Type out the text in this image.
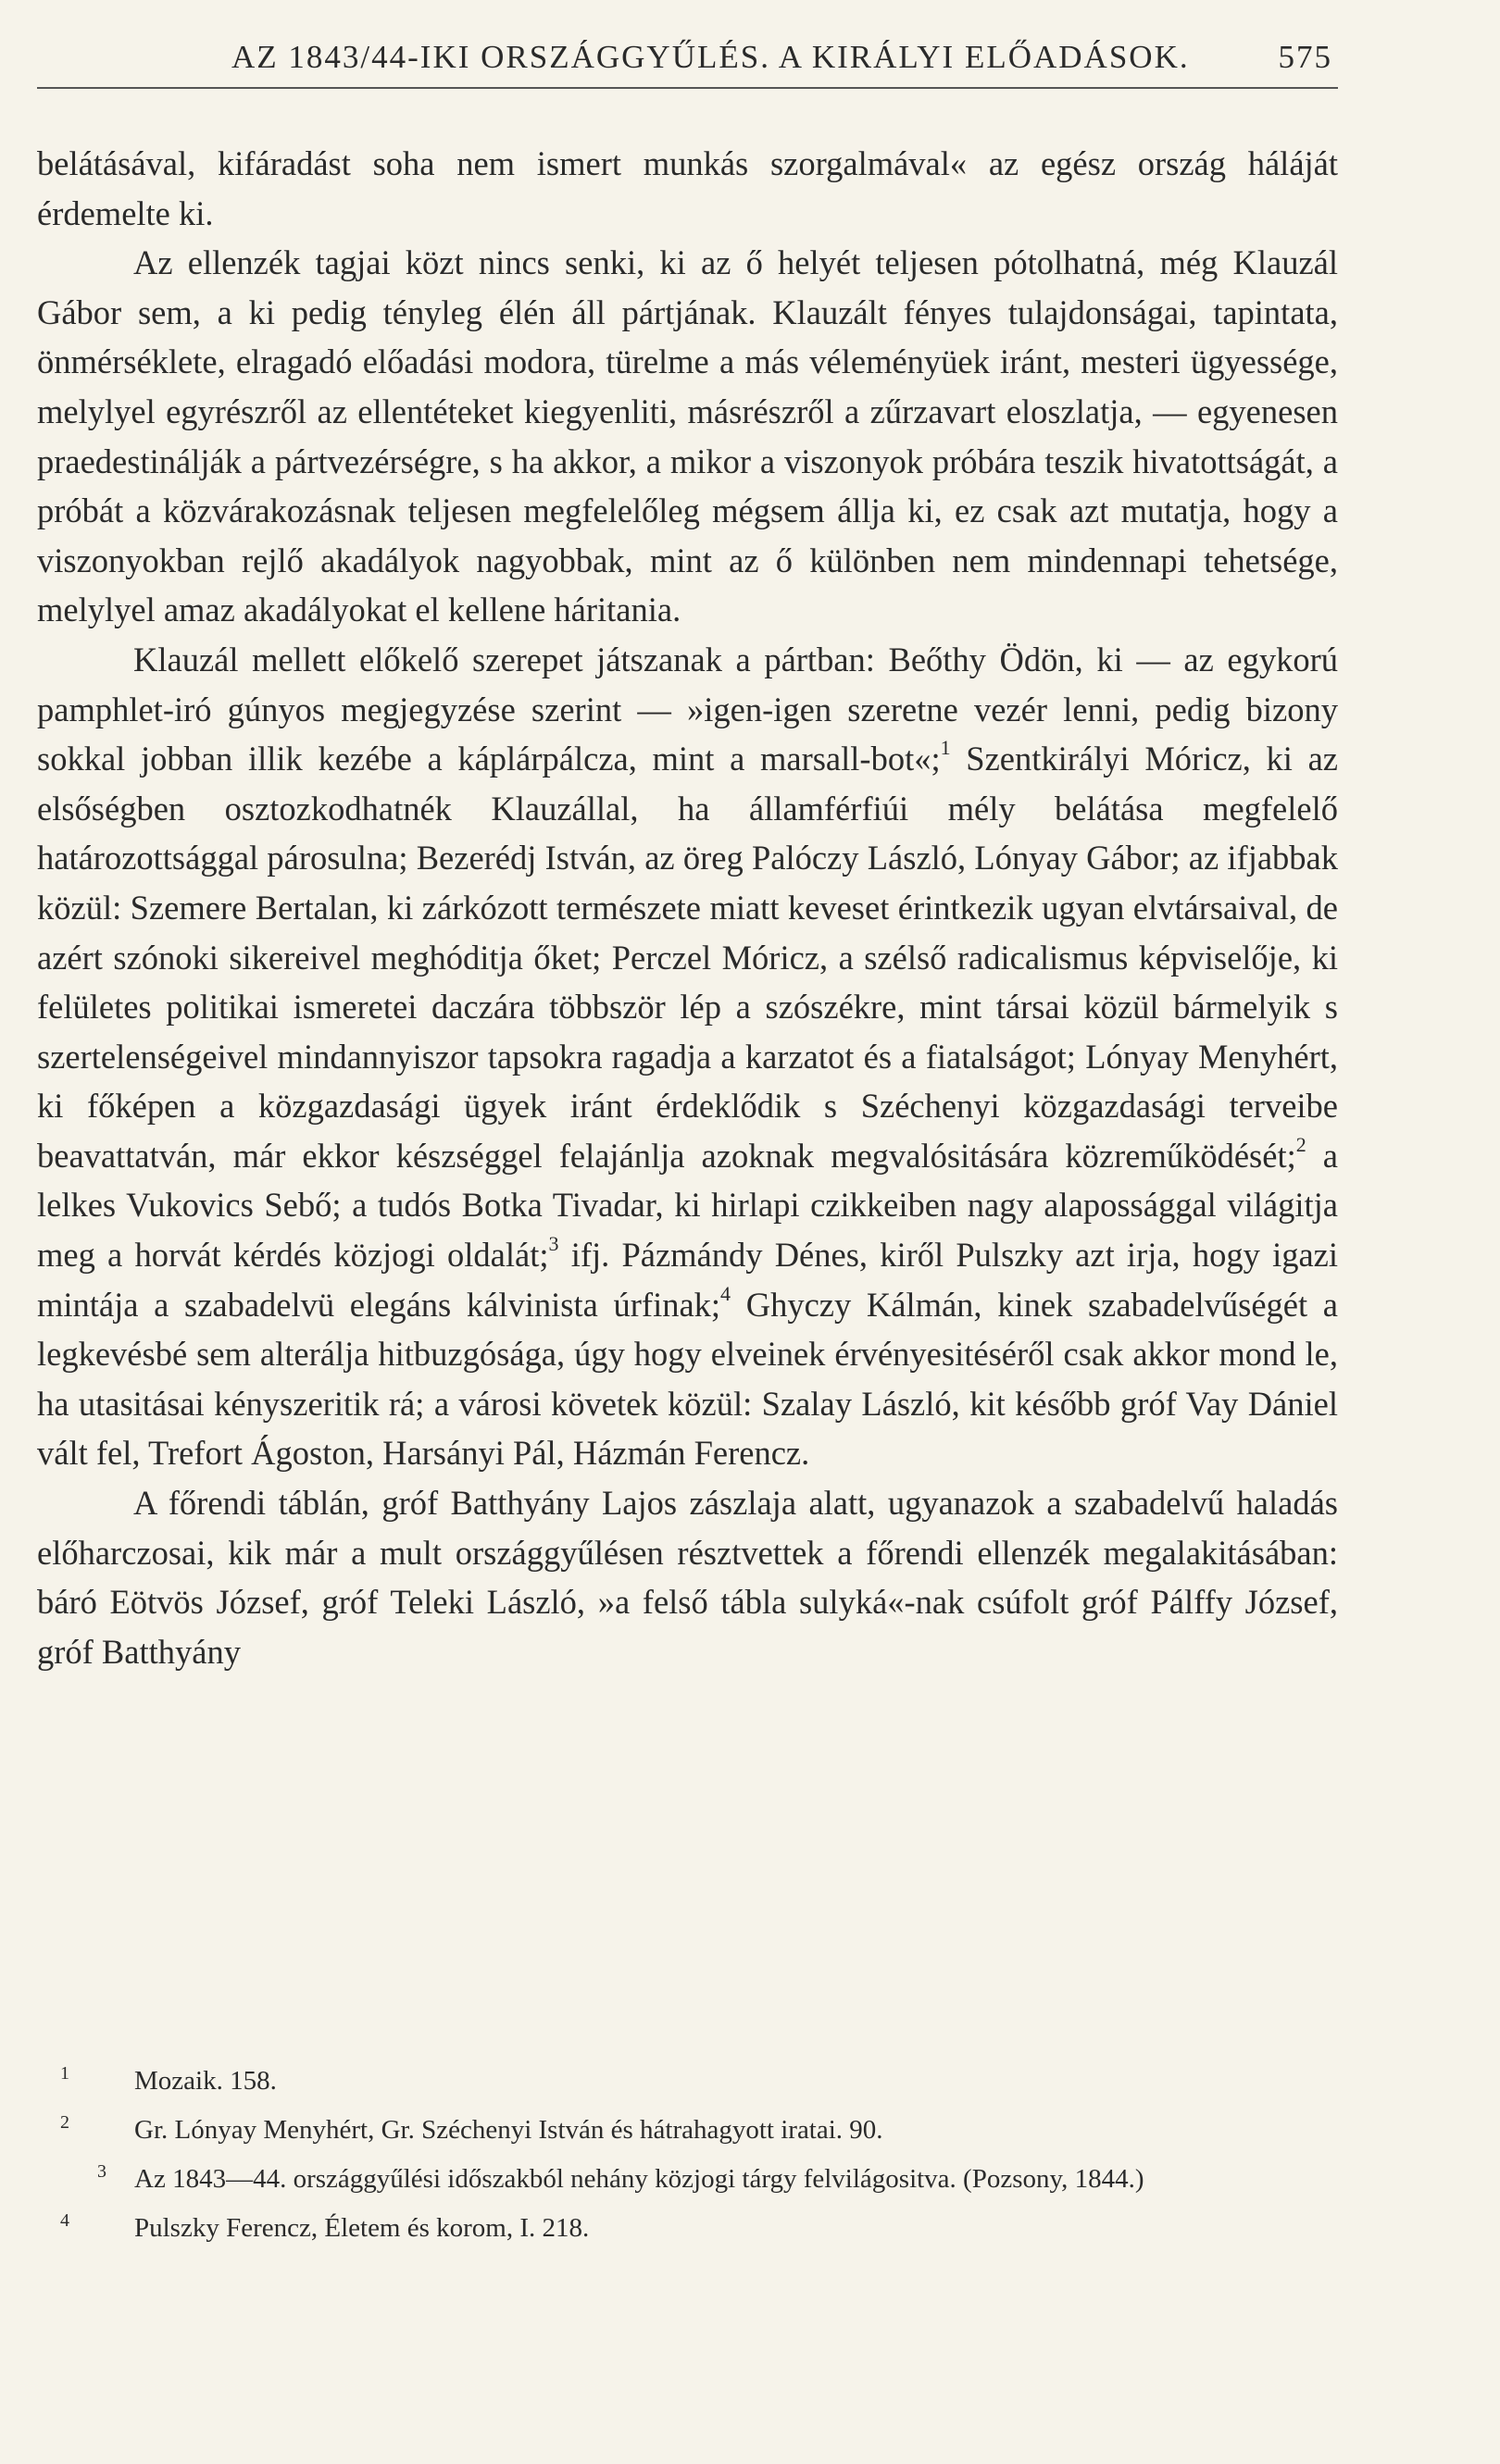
AZ 1843/44-IKI ORSZÁGGYŰLÉS. A KIRÁLYI ELŐADÁSOK.	575

belátásával, kifáradást soha nem ismert munkás szorgalmával« az egész ország háláját érdemelte ki.

Az ellenzék tagjai közt nincs senki, ki az ő helyét teljesen pótolhatná, még Klauzál Gábor sem, a ki pedig tényleg élén áll pártjának. Klauzált fényes tulajdonságai, tapintata, önmérséklete, elragadó előadási modora, türelme a más véleményüek iránt, mesteri ügyessége, melylyel egyrészről az ellentéteket kiegyenliti, másrészről a zűrzavart eloszlatja, — egyenesen praedestinálják a pártvezérségre, s ha akkor, a mikor a viszonyok próbára teszik hivatottságát, a próbát a közvárakozásnak teljesen megfelelőleg mégsem állja ki, ez csak azt mutatja, hogy a viszonyokban rejlő akadályok nagyobbak, mint az ő különben nem mindennapi tehetsége, melylyel amaz akadályokat el kellene háritania.

Klauzál mellett előkelő szerepet játszanak a pártban: Beőthy Ödön, ki — az egykorú pamphlet-iró gúnyos megjegyzése szerint — »igen-igen szeretne vezér lenni, pedig bizony sokkal jobban illik kezébe a káplárpálcza, mint a marsall-bot«;$^1$ Szentkirályi Móricz, ki az elsőségben osztozkodhatnék Klauzállal, ha államférfiúi mély belátása megfelelő határozottsággal párosulna; Bezerédj István, az öreg Palóczy László, Lónyay Gábor; az ifjabbak közül: Szemere Bertalan, ki zárkózott természete miatt keveset érintkezik ugyan elvtársaival, de azért szónoki sikereivel meghóditja őket; Perczel Móricz, a szélső radicalismus képviselője, ki felületes politikai ismeretei daczára többször lép a szószékre, mint társai közül bármelyik s szertelenségeivel mindannyiszor tapsokra ragadja a karzatot és a fiatalságot; Lónyay Menyhért, ki főképen a közgazdasági ügyek iránt érdeklődik s Széchenyi közgazdasági terveibe beavattatván, már ekkor készséggel felajánlja azoknak megvalósitására közreműködését;$^2$ a lelkes Vukovics Sebő; a tudós Botka Tivadar, ki hirlapi czikkeiben nagy alapossággal világitja meg a horvát kérdés közjogi oldalát;$^3$ ifj. Pázmándy Dénes, kiről Pulszky azt irja, hogy igazi mintája a szabadelvü elegáns kálvinista úrfinak;$^4$ Ghyczy Kálmán, kinek szabadelvűségét a legkevésbé sem alterálja hitbuzgósága, úgy hogy elveinek érvényesitéséről csak akkor mond le, ha utasitásai kényszeritik rá; a városi követek közül: Szalay László, kit később gróf Vay Dániel vált fel, Trefort Ágoston, Harsányi Pál, Házmán Ferencz.

A főrendi táblán, gróf Batthyány Lajos zászlaja alatt, ugyanazok a szabadelvű haladás előharczosai, kik már a mult országgyűlésen résztvettek a főrendi ellenzék megalakitásában: báró Eötvös József, gróf Teleki László, »a felső tábla sulyká«-nak csúfolt gróf Pálffy József, gróf Batthyány

1 Mozaik. 158.

2 Gr. Lónyay Menyhért, Gr. Széchenyi István és hátrahagyott iratai. 90.

3 Az 1843—44. országgyűlési időszakból nehány közjogi tárgy felvilágositva. (Pozsony, 1844.)

4 Pulszky Ferencz, Életem és korom, I. 218.
